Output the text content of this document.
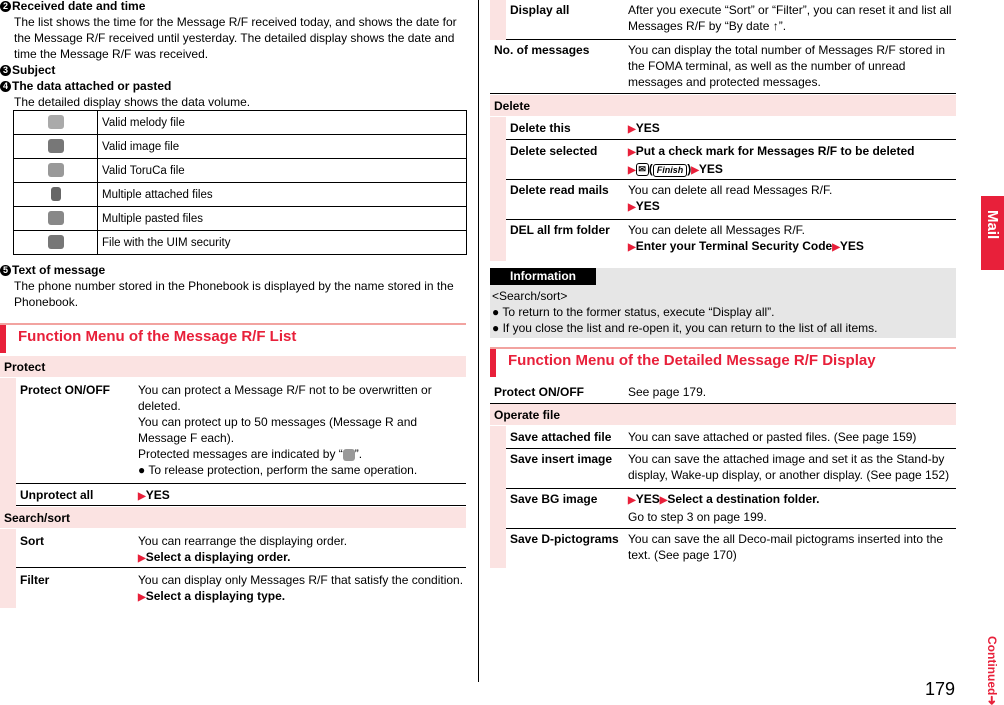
2 Received date and time
The list shows the time for the Message R/F received today, and shows the date for
the Message R/F received until yesterday. The detailed display shows the date and
time the Message R/F was received.
3 Subject
4 The data attached or pasted
The detailed display shows the data volume.
	Valid melody file
	Valid image file
	Valid ToruCa file
	Multiple attached files
	Multiple pasted files
	File with the UIM security
5 Text of message
The phone number stored in the Phonebook is displayed by the name stored in the
Phonebook.
Function Menu of the Message R/F List
Protect
Protect ON/OFF You can protect a Message R/F not to be overwritten or
deleted.
You can protect up to 50 messages (Message R and
Message F each).
Protected messages are indicated by “ ”.
● To release protection, perform the same operation.
Unprotect all	▶YES
Search/sort
Sort	You can rearrange the displaying order.
▶Select a displaying order.
Filter	You can display only Messages R/F that satisfy the condition.
▶Select a displaying type.
Display all	After you execute “Sort” or “Filter”, you can reset it and list all
Messages R/F by “By date ↑”.
No. of messages	You can display the total number of Messages R/F stored in
the FOMA terminal, as well as the number of unread
messages and protected messages.
Delete
Delete this	▶YES
Delete selected	▶Put a check mark for Messages R/F to be deleted
▶ ✉ ( Finish )▶YES
Delete read mails You can delete all read Messages R/F.
▶YES
DEL all frm folder You can delete all Messages R/F.
▶Enter your Terminal Security Code▶YES
Information
<Search/sort>
● To return to the former status, execute “Display all”.
● If you close the list and re-open it, you can return to the list of all items.
Function Menu of the Detailed Message R/F Display
Protect ON/OFF	See page 179.
Operate file
Save attached file You can save attached or pasted files. (See page 159)
Save insert image You can save the attached image and set it as the Stand-by
display, Wake-up display, or another display. (See page 152)
Save BG image	▶YES▶Select a destination folder.
Go to step 3 on page 199.
Save D-pictograms You can save the all Deco-mail pictograms inserted into the
text. (See page 170)
Mail
Continued➜
179
